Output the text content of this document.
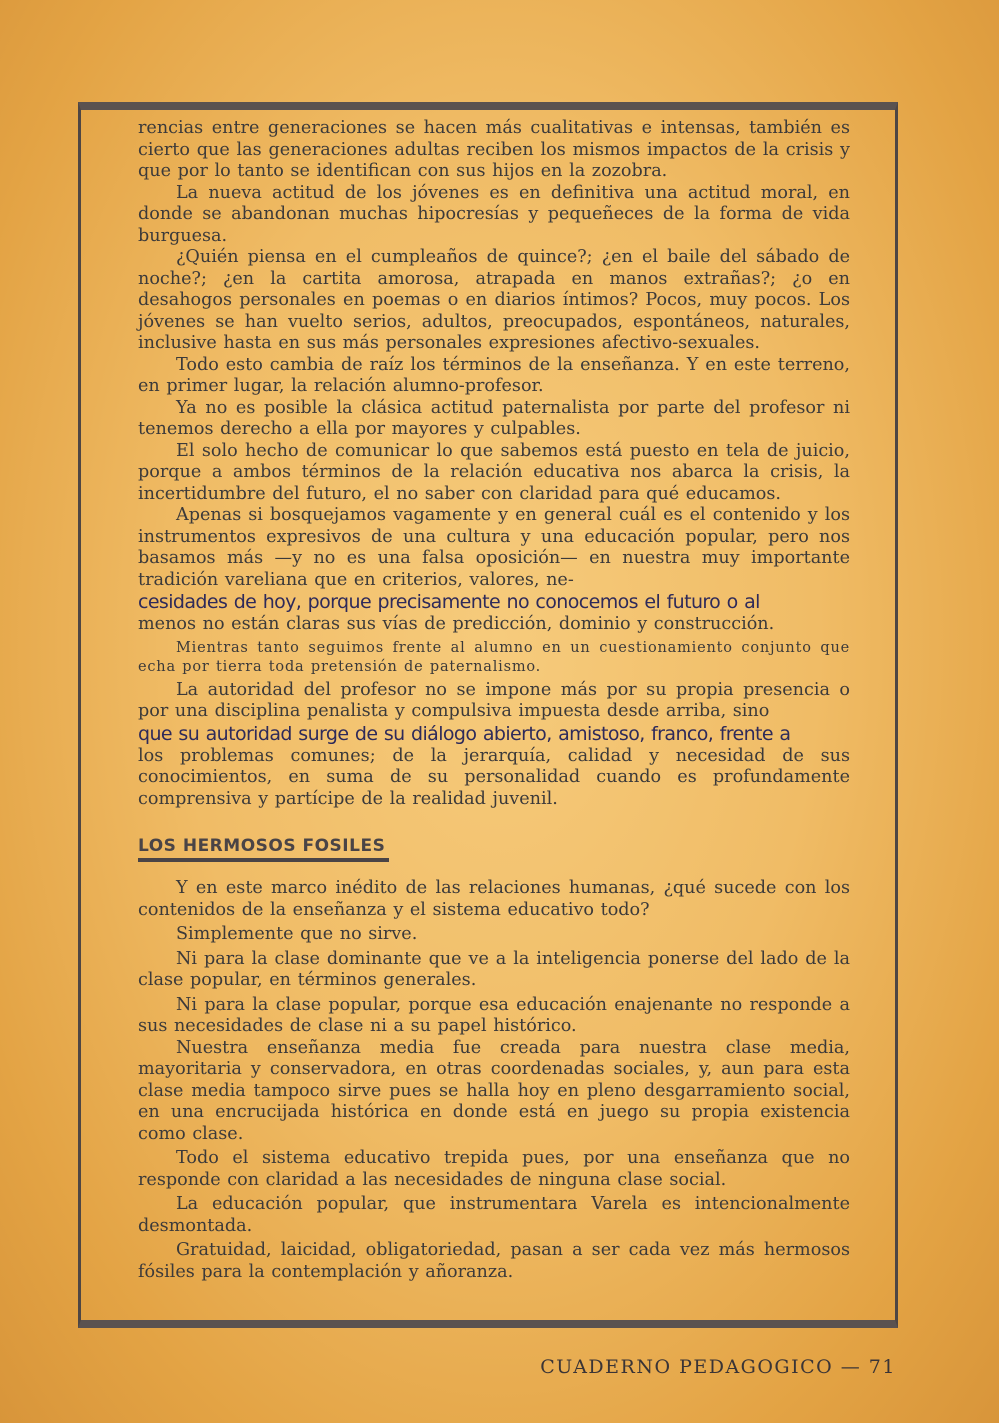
rencias entre generaciones se hacen más cualitativas e intensas, también es cierto que las generaciones adultas reciben los mismos impactos de la crisis y que por lo tanto se identifican con sus hijos en la zozobra.

La nueva actitud de los jóvenes es en definitiva una actitud moral, en donde se abandonan muchas hipocresías y pequeñeces de la forma de vida burguesa.

¿Quién piensa en el cumpleaños de quince?; ¿en el baile del sábado de noche?; ¿en la cartita amorosa, atrapada en manos extrañas?; ¿o en desahogos personales en poemas o en diarios íntimos? Pocos, muy pocos. Los jóvenes se han vuelto serios, adultos, preocupados, espontáneos, naturales, inclusive hasta en sus más personales expresiones afectivo-sexuales.

Todo esto cambia de raíz los términos de la enseñanza. Y en este terreno, en primer lugar, la relación alumno-profesor.

Ya no es posible la clásica actitud paternalista por parte del profesor ni tenemos derecho a ella por mayores y culpables.

El solo hecho de comunicar lo que sabemos está puesto en tela de juicio, porque a ambos términos de la relación educativa nos abarca la crisis, la incertidumbre del futuro, el no saber con claridad para qué educamos.

Apenas si bosquejamos vagamente y en general cuál es el contenido y los instrumentos expresivos de una cultura y una educación popular, pero nos basamos más —y no es una falsa oposición— en nuestra muy importante tradición vareliana que en criterios, valores, ne-

cesidades de hoy, porque precisamente no conocemos el futuro o al

menos no están claras sus vías de predicción, dominio y construcción.

Mientras tanto seguimos frente al alumno en un cuestionamiento conjunto que echa por tierra toda pretensión de paternalismo.

La autoridad del profesor no se impone más por su propia presencia o por una disciplina penalista y compulsiva impuesta desde arriba, sino

que su autoridad surge de su diálogo abierto, amistoso, franco, frente a

los problemas comunes; de la jerarquía, calidad y necesidad de sus conocimientos, en suma de su personalidad cuando es profundamente comprensiva y partícipe de la realidad juvenil.

LOS HERMOSOS FOSILES

Y en este marco inédito de las relaciones humanas, ¿qué sucede con los contenidos de la enseñanza y el sistema educativo todo?

Simplemente que no sirve.

Ni para la clase dominante que ve a la inteligencia ponerse del lado de la clase popular, en términos generales.

Ni para la clase popular, porque esa educación enajenante no responde a sus necesidades de clase ni a su papel histórico.

Nuestra enseñanza media fue creada para nuestra clase media, mayoritaria y conservadora, en otras coordenadas sociales, y, aun para esta clase media tampoco sirve pues se halla hoy en pleno desgarramiento social, en una encrucijada histórica en donde está en juego su propia existencia como clase.

Todo el sistema educativo trepida pues, por una enseñanza que no responde con claridad a las necesidades de ninguna clase social.

La educación popular, que instrumentara Varela es intencionalmente desmontada.

Gratuidad, laicidad, obligatoriedad, pasan a ser cada vez más hermosos fósiles para la contemplación y añoranza.

CUADERNO PEDAGOGICO — 71
